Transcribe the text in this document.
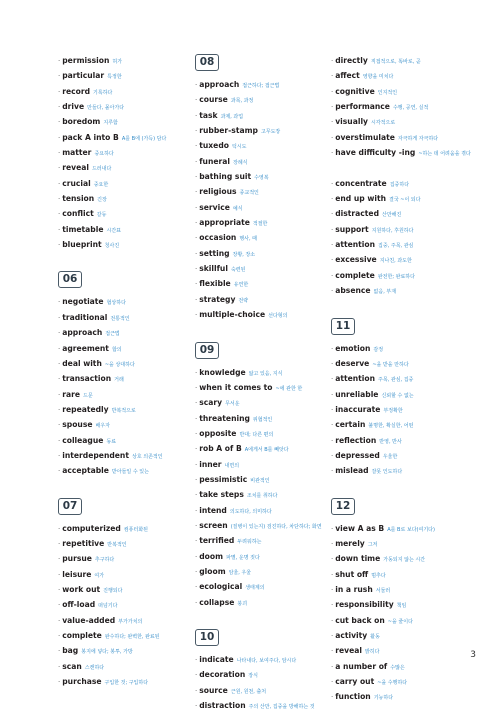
· permission 허가
· particular 특정한
· record 기록하다
· drive 만들다, 몰아가다
· boredom 지루함
· pack A into B A를 B에 (가득) 담다
· matter 중요하다
· reveal 드러내다
· crucial 중요한
· tension 긴장
· conflict 갈등
· timetable 시간표
· blueprint 청사진
06
· negotiate 협상하다
· traditional 전통적인
· approach 접근법
· agreement 합의
· deal with ~을 상대하다
· transaction 거래
· rare 드문
· repeatedly 반복적으로
· spouse 배우자
· colleague 동료
· interdependent 상호 의존적인
· acceptable 받아들일 수 있는
07
· computerized 컴퓨터화된
· repetitive 반복적인
· pursue 추구하다
· leisure 여가
· work out 진행되다
· off-load 떠넘기다
· value-added 부가가치의
· complete 완수하다; 완벽한, 완료된
· bag 봉지에 넣다; 봉투, 가방
· scan 스캔하다
· purchase 구입한 것; 구입하다
08
· approach 접근하다; 접근법
· course 과목, 과정
· task 과제, 과업
· rubber-stamp 고무도장
· tuxedo 턱시도
· funeral 장례식
· bathing suit 수영복
· religious 종교적인
· service 예식
· appropriate 적절한
· occasion 행사, 때
· setting 장황, 장소
· skillful 숙련된
· flexible 유연한
· strategy 전략
· multiple-choice 선다형의
09
· knowledge 앎고 있음, 지식
· when it comes to ~에 관한 한
· scary 무서운
· threatening 위협적인
· opposite 반대; 다른 편의
· rob A of B A에게서 B를 빼앗다
· inner 내면의
· pessimistic 비관적인
· take steps 조치를 취하다
· intend 의도하다, 의미하다
· screen (질병이 있는지) 검진하다, 차단하다; 화면
· terrified 두려워하는
· doom 파멸, 운명 짓다
· gloom 암울, 우울
· ecological 생태계의
· collapse 붕괴
10
· indicate 나타내다, 보여주다, 암시다
· decoration 장식
· source 근원, 원천, 출처
· distraction 주의 산만, 집중을 방해하는 것
· directly 직접적으로, 똑바로, 곧
· affect 영향을 미치다
· cognitive 인지적인
· performance 수행, 공연, 실적
· visually 시각적으로
· overstimulate 자극하게 자극하다
· have difficulty -ing ~하는 데 어려움을 겪다
· concentrate 집중하다
· end up with 결국 ~이 되다
· distracted 산만해진
· support 지원하다, 후원하다
· attention 집중, 주목, 관심
· excessive 지나친, 과도한
· complete 완전한; 완료하다
· absence 없음, 부재
11
· emotion 감정
· deserve ~을 받을 만하다
· attention 주목, 관심, 집중
· unreliable 신뢰할 수 없는
· inaccurate 부정확한
· certain 불명한, 확실한, 어떤
· reflection 반영, 반사
· depressed 우울한
· mislead 잘못 인도하다
12
· view A as B A를 B로 보다(여기다)
· merely 그저
· down time 가동되지 않는 시간
· shut off 멈추다
· in a rush 서둘러
· responsibility 책임
· cut back on ~을 줄이다
· activity 활동
· reveal 밝히다
· a number of 수많은
· carry out ~을 수행하다
· function 기능하다
3
